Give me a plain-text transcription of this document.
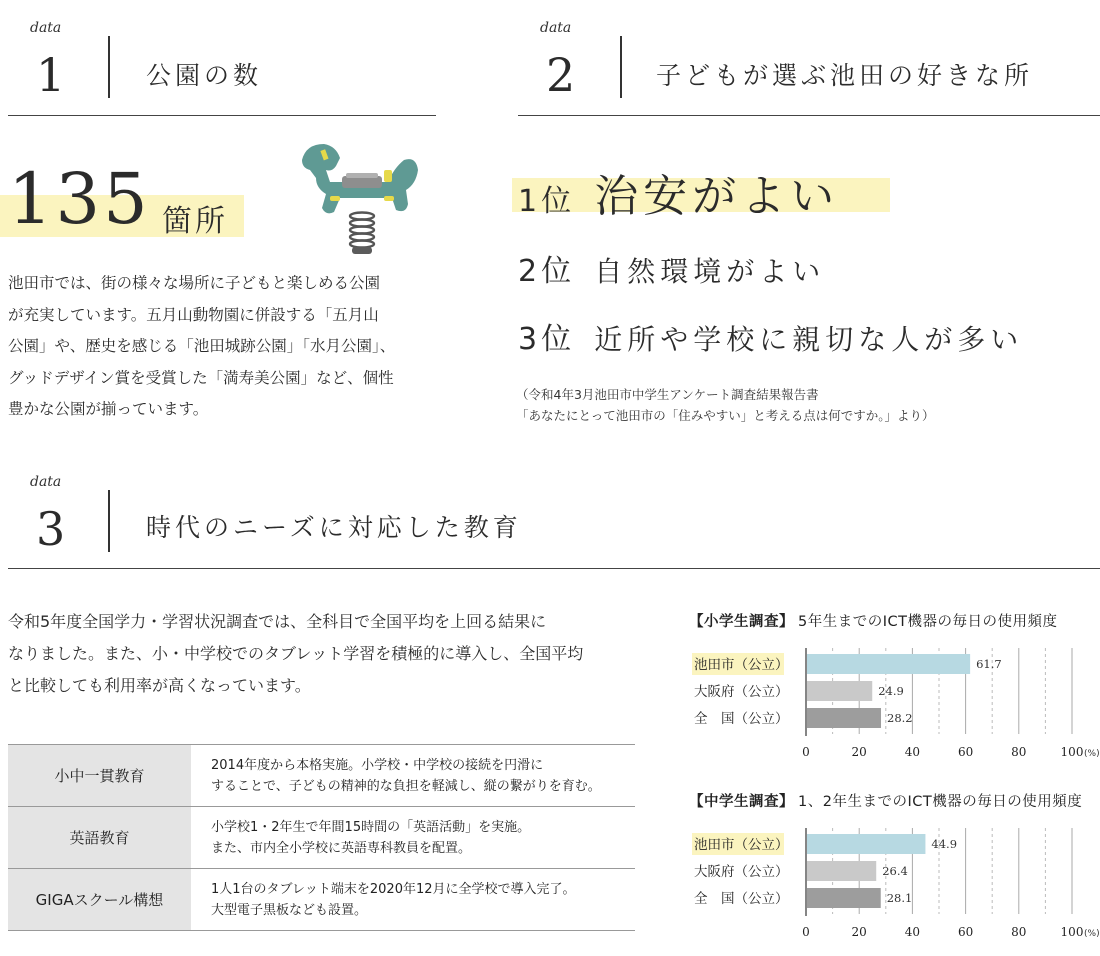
data
1	公園の数
135 箇所
池田市では、街の様々な場所に子どもと楽しめる公園
が充実しています。五月山動物園に併設する「五月山
公園」や、歴史を感じる「池田城跡公園」「水月公園」、
グッドデザイン賞を受賞した「満寿美公園」など、個性
豊かな公園が揃っています。
data
2	子どもが選ぶ池田の好きな所
1位 治安がよい
2位 自然環境がよい
3位 近所や学校に親切な人が多い
（令和4年3月池田市中学生アンケート調査結果報告書
「あなたにとって池田市の「住みやすい」と考える点は何ですか。」より）
data
3	時代のニーズに対応した教育
令和5年度全国学力・学習状況調査では、全科目で全国平均を上回る結果に
なりました。また、小・中学校でのタブレット学習を積極的に導入し、全国平均
と比較しても利用率が高くなっています。
小中一貫教育	2014年度から本格実施。小学校・中学校の接続を円滑に
することで、子どもの精神的な負担を軽減し、縦の繋がりを育む。

英語教育	小学校1・2年生で年間15時間の「英語活動」を実施。
また、市内全小学校に英語専科教員を配置。

GIGAスクール構想	1人1台のタブレット端末を2020年12月に全学校で導入完了。
大型電子黒板なども設置。
【小学生調査】 5年生までのICT機器の毎日の使用頻度
池田市（公立）	61.7
大阪府（公立）	24.9
全　国（公立）	28.2
0	20	40	60	80	100 (%)
【中学生調査】 1、2年生までのICT機器の毎日の使用頻度
池田市（公立）	44.9
大阪府（公立）	26.4
全　国（公立）	28.1
0	20	40	60	80	100 (%)
